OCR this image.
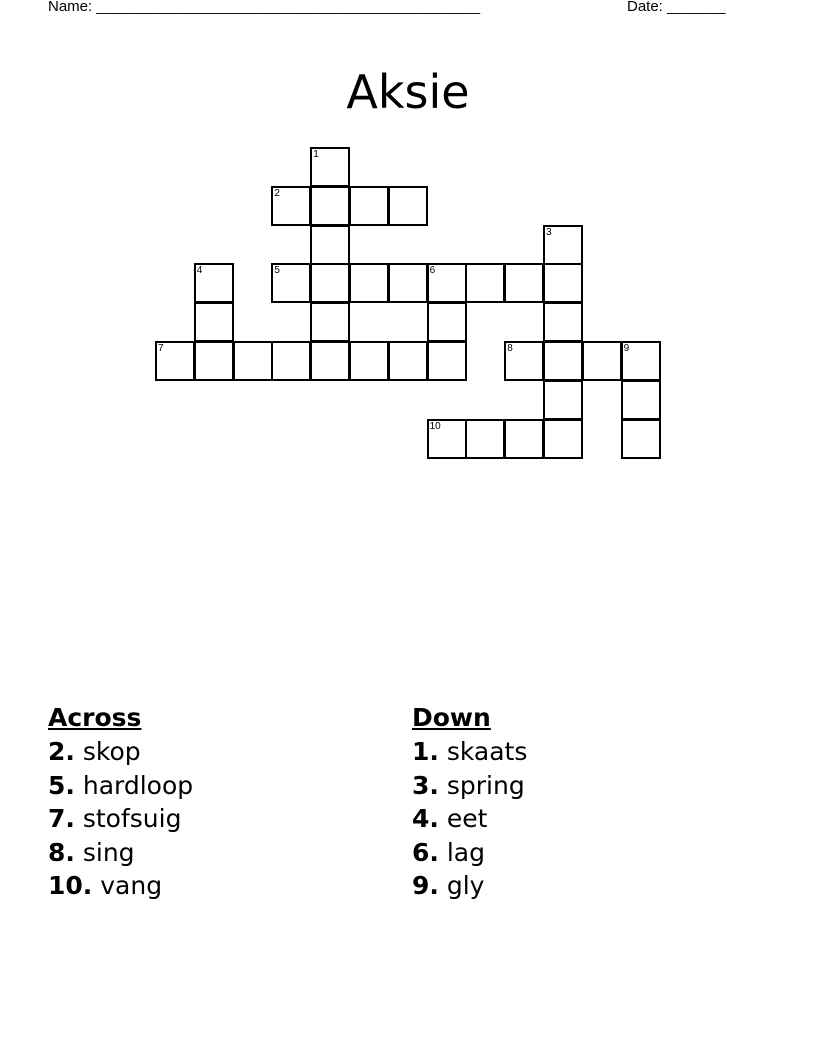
Name: ______________________________________________	Date: _______
Aksie
1
2
3
4	5	6
7	8	9
10
Across
2. skop
5. hardloop
7. stofsuig
8. sing
10. vang
Down
1. skaats
3. spring
4. eet
6. lag
9. gly
